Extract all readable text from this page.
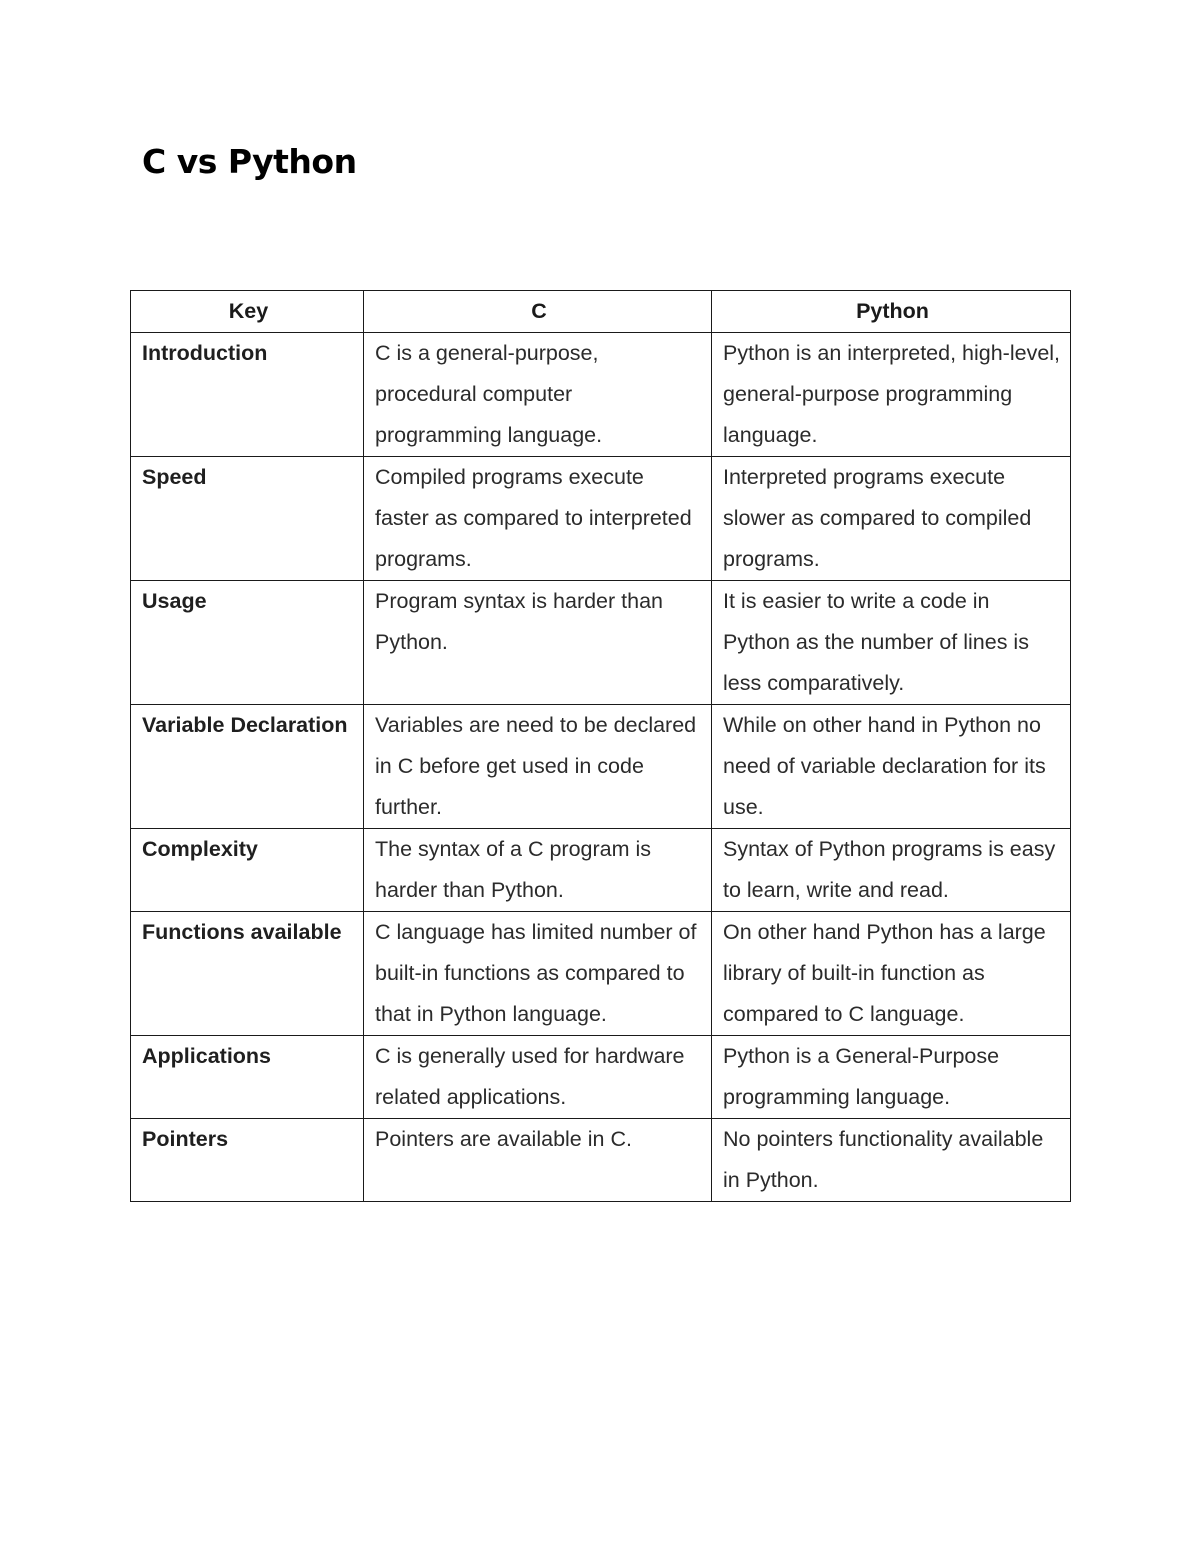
C vs Python
Key	C	Python
Introduction	C is a general-purpose, procedural computer programming language.	Python is an interpreted, high-level, general-purpose programming language.
Speed	Compiled programs execute faster as compared to interpreted programs.	Interpreted programs execute slower as compared to compiled programs.
Usage	Program syntax is harder than Python.	It is easier to write a code in Python as the number of lines is less comparatively.
Variable Declaration	Variables are need to be declared in C before get used in code further.	While on other hand in Python no need of variable declaration for its use.
Complexity	The syntax of a C program is harder than Python.	Syntax of Python programs is easy to learn, write and read.
Functions available	C language has limited number of built-in functions as compared to that in Python language.	On other hand Python has a large library of built-in function as compared to C language.
Applications	C is generally used for hardware related applications.	Python is a General-Purpose programming language.
Pointers	Pointers are available in C.	No pointers functionality available in Python.
